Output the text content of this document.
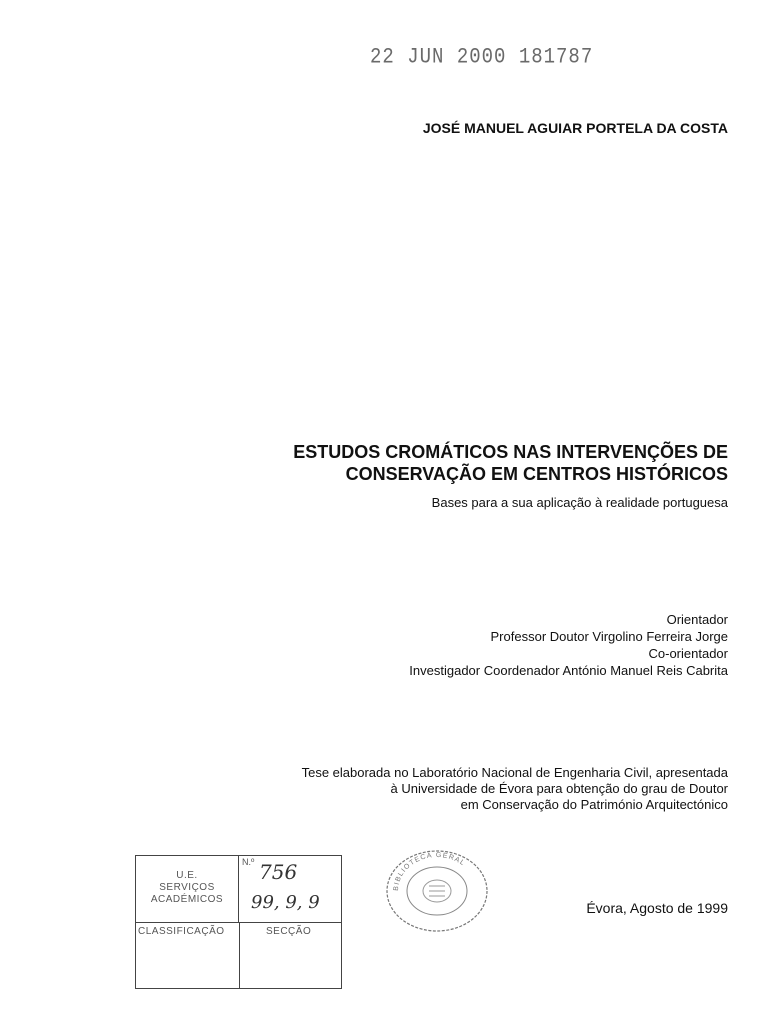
22 JUN 2000 181787
JOSÉ MANUEL AGUIAR PORTELA DA COSTA
ESTUDOS CROMÁTICOS NAS INTERVENÇÕES DE
CONSERVAÇÃO EM CENTROS HISTÓRICOS
Bases para a sua aplicação à realidade portuguesa
Orientador
Professor Doutor Virgolino Ferreira Jorge
Co-orientador
Investigador Coordenador António Manuel Reis Cabrita
Tese elaborada no Laboratório Nacional de Engenharia Civil, apresentada
à Universidade de Évora para obtenção do grau de Doutor
em Conservação do Património Arquitectónico
Évora, Agosto de 1999
U.E.
SERVIÇOS
ACADÉMICOS
N.º 756
99, 9, 9
CLASSIFICAÇÃO	SECÇÃO
BIBLIOTECA GERAL
